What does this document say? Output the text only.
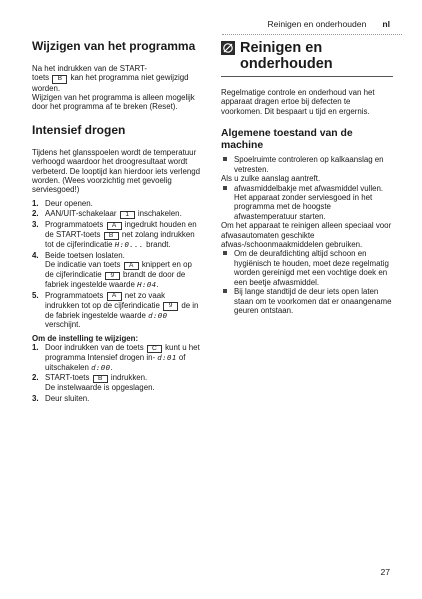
Reinigen en onderhouden nl
Wijzigen van het programma

Na het indrukken van de START-
toets B kan het programma niet gewijzigd worden.

Wijzigen van het programma is alleen mogelijk door het programma af te breken (Reset).

Intensief drogen

Tijdens het glansspoelen wordt de temperatuur verhoogd waardoor het droogresultaat wordt verbeterd. De looptijd kan hierdoor iets verlengd worden. (Wees voorzichtig met gevoelig serviesgoed!)

1. Deur openen.
2. AAN/UIT-schakelaar 1 inschakelen.
3. Programmatoets A ingedrukt houden en de START-toets B net zolang indrukken tot de cijferindicatie H:0... brandt.
4. Beide toetsen loslaten.
De indicatie van toets A knippert en op de cijferindicatie 9 brandt de door de fabriek ingestelde waarde H:04.
5. Programmatoets A net zo vaak indrukken tot op de cijferindicatie 9 de in de fabriek ingestelde waarde d:00 verschijnt.

Om de instelling te wijzigen:

1. Door indrukken van de toets C kunt u het programma Intensief drogen in- d:01 of uitschakelen d:00.
2. START-toets B indrukken.
De instelwaarde is opgeslagen.
3. Deur sluiten.
Reinigen en onderhouden

Regelmatige controle en onderhoud van het apparaat dragen ertoe bij defecten te voorkomen. Dit bespaart u tijd en ergernis.

Algemene toestand van de machine
Spoelruimte controleren op kalkaanslag en vetresten.

Als u zulke aanslag aantreft.

afwasmiddelbakje met afwasmiddel vullen. Het apparaat zonder serviesgoed in het programma met de hoogste afwastemperatuur starten.

Om het apparaat te reinigen alleen speciaal voor afwasautomaten geschikte afwas-/schoonmaakmiddelen gebruiken.

Om de deurafdichting altijd schoon en hygiënisch te houden, moet deze regelmatig worden gereinigd met een vochtige doek en een beetje afwasmiddel.
Bij lange standtijd de deur iets open laten staan om te voorkomen dat er onaangename geuren ontstaan.
27
